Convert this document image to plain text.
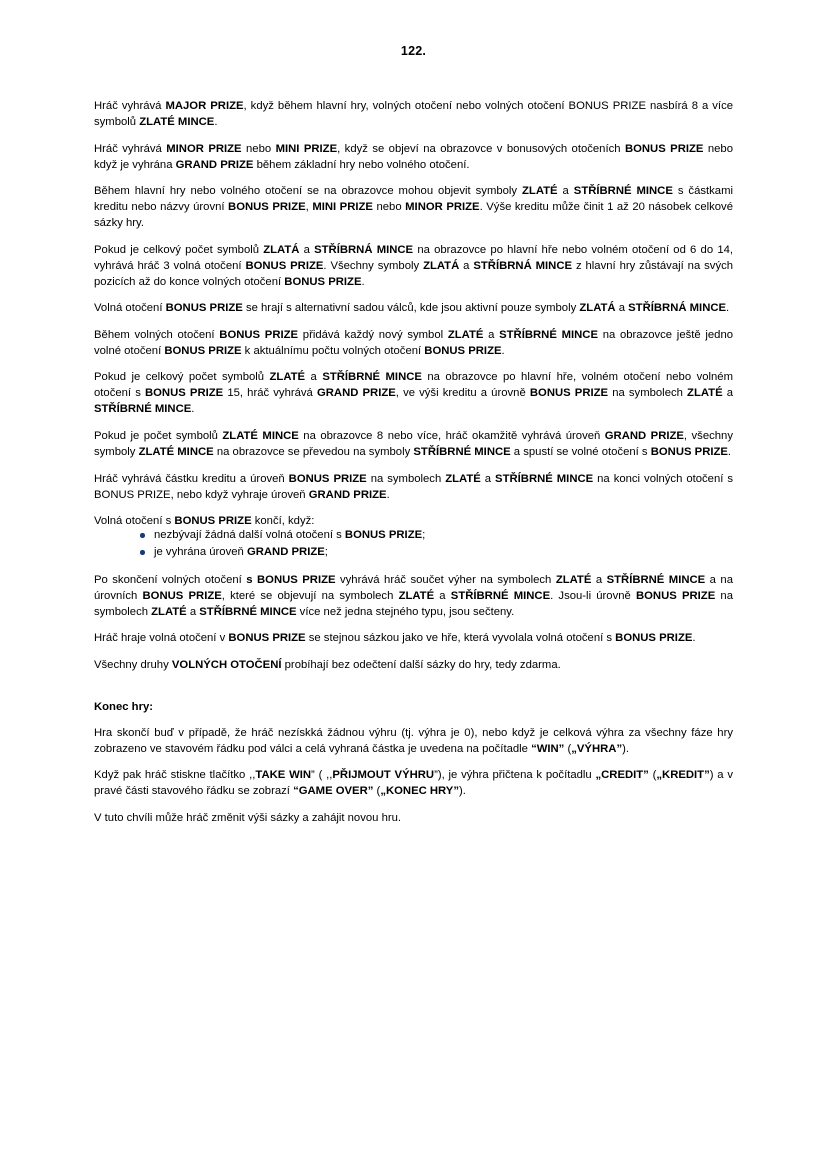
122.
Hráč vyhrává MAJOR PRIZE, když během hlavní hry, volných otočení nebo volných otočení BONUS PRIZE nasbírá 8 a více symbolů ZLATÉ MINCE.
Hráč vyhrává MINOR PRIZE nebo MINI PRIZE, když se objeví na obrazovce v bonusových otočeních BONUS PRIZE nebo když je vyhrána GRAND PRIZE během základní hry nebo volného otočení.
Během hlavní hry nebo volného otočení se na obrazovce mohou objevit symboly ZLATÉ a STŘÍBRNÉ MINCE s částkami kreditu nebo názvy úrovní BONUS PRIZE, MINI PRIZE nebo MINOR PRIZE. Výše kreditu může činit 1 až 20 násobek celkové sázky hry.
Pokud je celkový počet symbolů ZLATÁ a STŘÍBRNÁ MINCE na obrazovce po hlavní hře nebo volném otočení od 6 do 14, vyhrává hráč 3 volná otočení BONUS PRIZE. Všechny symboly ZLATÁ a STŘÍBRNÁ MINCE z hlavní hry zůstávají na svých pozicích až do konce volných otočení BONUS PRIZE.
Volná otočení BONUS PRIZE se hrají s alternativní sadou válců, kde jsou aktivní pouze symboly ZLATÁ a STŘÍBRNÁ MINCE.
Během volných otočení BONUS PRIZE přidává každý nový symbol ZLATÉ a STŘÍBRNÉ MINCE na obrazovce ještě jedno volné otočení BONUS PRIZE k aktuálnímu počtu volných otočení BONUS PRIZE.
Pokud je celkový počet symbolů ZLATÉ a STŘÍBRNÉ MINCE na obrazovce po hlavní hře, volném otočení nebo volném otočení s BONUS PRIZE 15, hráč vyhrává GRAND PRIZE, ve výši kreditu a úrovně BONUS PRIZE na symbolech ZLATÉ a STŘÍBRNÉ MINCE.
Pokud je počet symbolů ZLATÉ MINCE na obrazovce 8 nebo více, hráč okamžitě vyhrává úroveň GRAND PRIZE, všechny symboly ZLATÉ MINCE na obrazovce se převedou na symboly STŘÍBRNÉ MINCE a spustí se volné otočení s BONUS PRIZE.
Hráč vyhrává částku kreditu a úroveň BONUS PRIZE na symbolech ZLATÉ a STŘÍBRNÉ MINCE na konci volných otočení s BONUS PRIZE, nebo když vyhraje úroveň GRAND PRIZE.
Volná otočení s BONUS PRIZE končí, když:
nezbývají žádná další volná otočení s BONUS PRIZE;
je vyhrána úroveň GRAND PRIZE;
Po skončení volných otočení s BONUS PRIZE vyhrává hráč součet výher na symbolech ZLATÉ a STŘÍBRNÉ MINCE a na úrovních BONUS PRIZE, které se objevují na symbolech ZLATÉ a STŘÍBRNÉ MINCE. Jsou-li úrovně BONUS PRIZE na symbolech ZLATÉ a STŘÍBRNÉ MINCE více než jedna stejného typu, jsou sečteny.
Hráč hraje volná otočení v BONUS PRIZE se stejnou sázkou jako ve hře, která vyvolala volná otočení s BONUS PRIZE.
Všechny druhy VOLNÝCH OTOČENÍ probíhají bez odečtení další sázky do hry, tedy zdarma.
Konec hry:
Hra skončí buď v případě, že hráč nezískká žádnou výhru (tj. výhra je 0), nebo když je celková výhra za všechny fáze hry zobrazeno ve stavovém řádku pod válci a celá vyhraná částka je uvedena na počítadle “WIN” („VÝHRA”).
Když pak hráč stiskne tlačítko ,,TAKE WIN” ( ,,PŘIJMOUT VÝHRU”), je výhra přičtena k počítadlu „CREDIT” („KREDIT”) a v pravé části stavového řádku se zobrazí “GAME OVER” („KONEC HRY”).
V tuto chvíli může hráč změnit výši sázky a zahájit novou hru.
